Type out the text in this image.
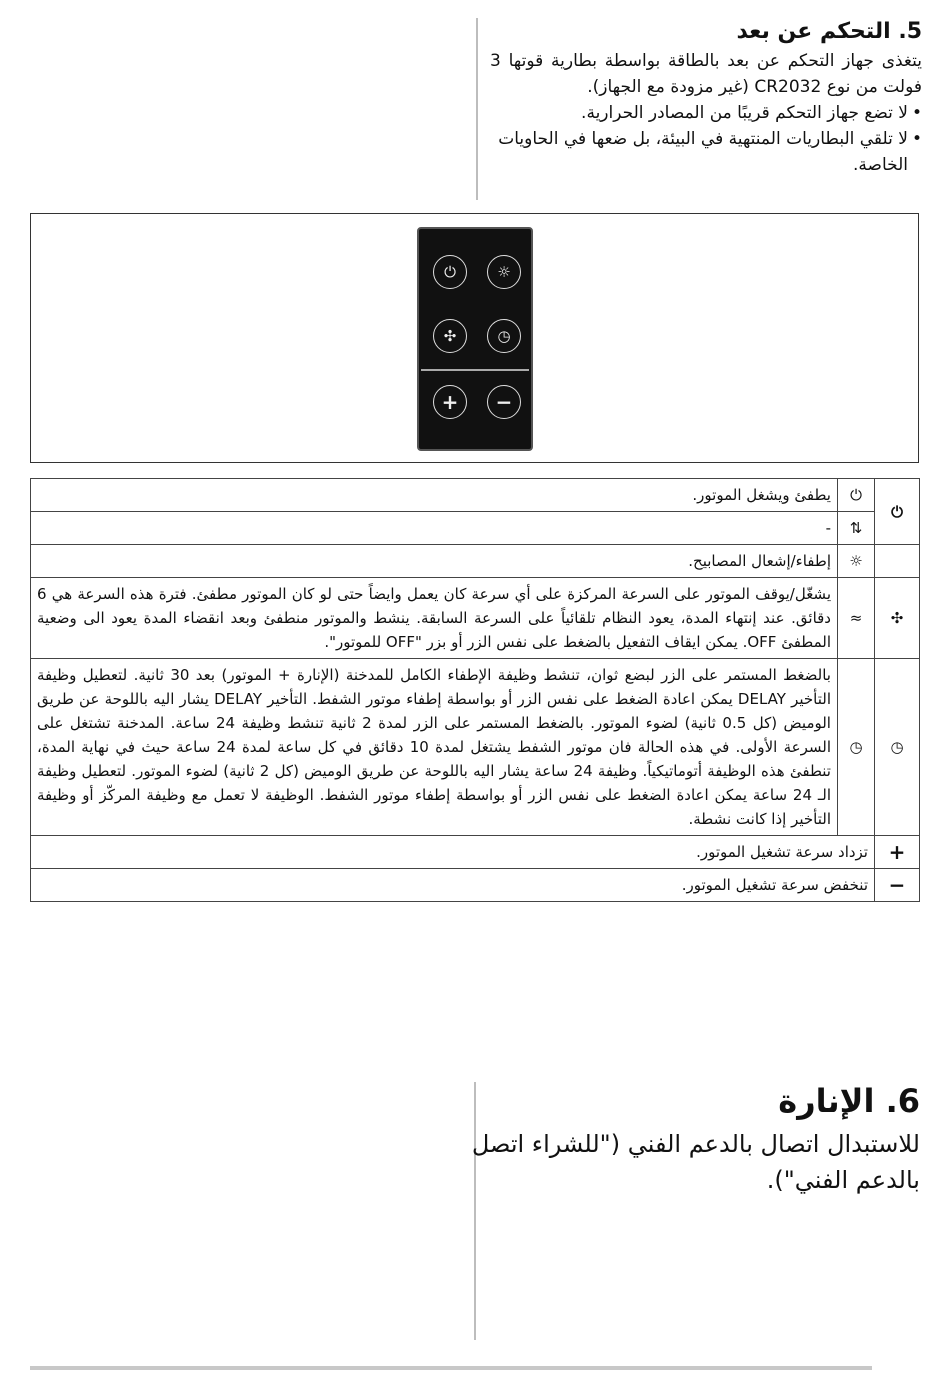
5. التحكم عن بعد

يتغذى جهاز التحكم عن بعد بالطاقة بواسطة بطارية قوتها 3 فولت من نوع CR2032 (غير مزودة مع الجهاز).

• لا تضع جهاز التحكم قريبًا من المصادر الحرارية.
• لا تلقي البطاريات المنتهية في البيئة، بل ضعها في الحاويات الخاصة.
⏻	☼
✣	◷
+	−
⏻	⏻	يطفئ ويشغل الموتور.
	⇅	-
	☼	إطفاء/إشعال المصابيح.
✣	≈	يشغّل/يوقف الموتور على السرعة المركزة على أي سرعة كان يعمل وايضاً حتى لو كان الموتور مطفئ. فترة هذه السرعة هي 6 دقائق. عند إنتهاء المدة، يعود النظام تلقائياً على السرعة السابقة. ينشط والموتور منطفئ وبعد انقضاء المدة يعود الى وضعية المطفئ OFF. يمكن ايقاف التفعيل بالضغط على نفس الزر أو بزر "OFF للموتور".
◷	◷	بالضغط المستمر على الزر لبضع ثوان، تنشط وظيفة الإطفاء الكامل للمدخنة (الإنارة + الموتور) بعد 30 ثانية. لتعطيل وظيفة التأخير DELAY يمكن اعادة الضغط على نفس الزر أو بواسطة إطفاء موتور الشفط. التأخير DELAY يشار اليه باللوحة عن طريق الوميض (كل 0.5 ثانية) لضوء الموتور. بالضغط المستمر على الزر لمدة 2 ثانية تنشط وظيفة 24 ساعة. المدخنة تشتغل على السرعة الأولى. في هذه الحالة فان موتور الشفط يشتغل لمدة 10 دقائق في كل ساعة لمدة 24 ساعة حيث في نهاية المدة، تنطفئ هذه الوظيفة أتوماتيكياً. وظيفة 24 ساعة يشار اليه باللوحة عن طريق الوميض (كل 2 ثانية) لضوء الموتور. لتعطيل وظيفة الـ 24 ساعة يمكن اعادة الضغط على نفس الزر أو بواسطة إطفاء موتور الشفط. الوظيفة لا تعمل مع وظيفة المركّز أو وظيفة التأخير إذا كانت نشطة.
+	تزداد سرعة تشغيل الموتور.	
−	تنخفض سرعة تشغيل الموتور.	
6. الإنارة

للاستبدال اتصال بالدعم الفني ("للشراء اتصل بالدعم الفني").
